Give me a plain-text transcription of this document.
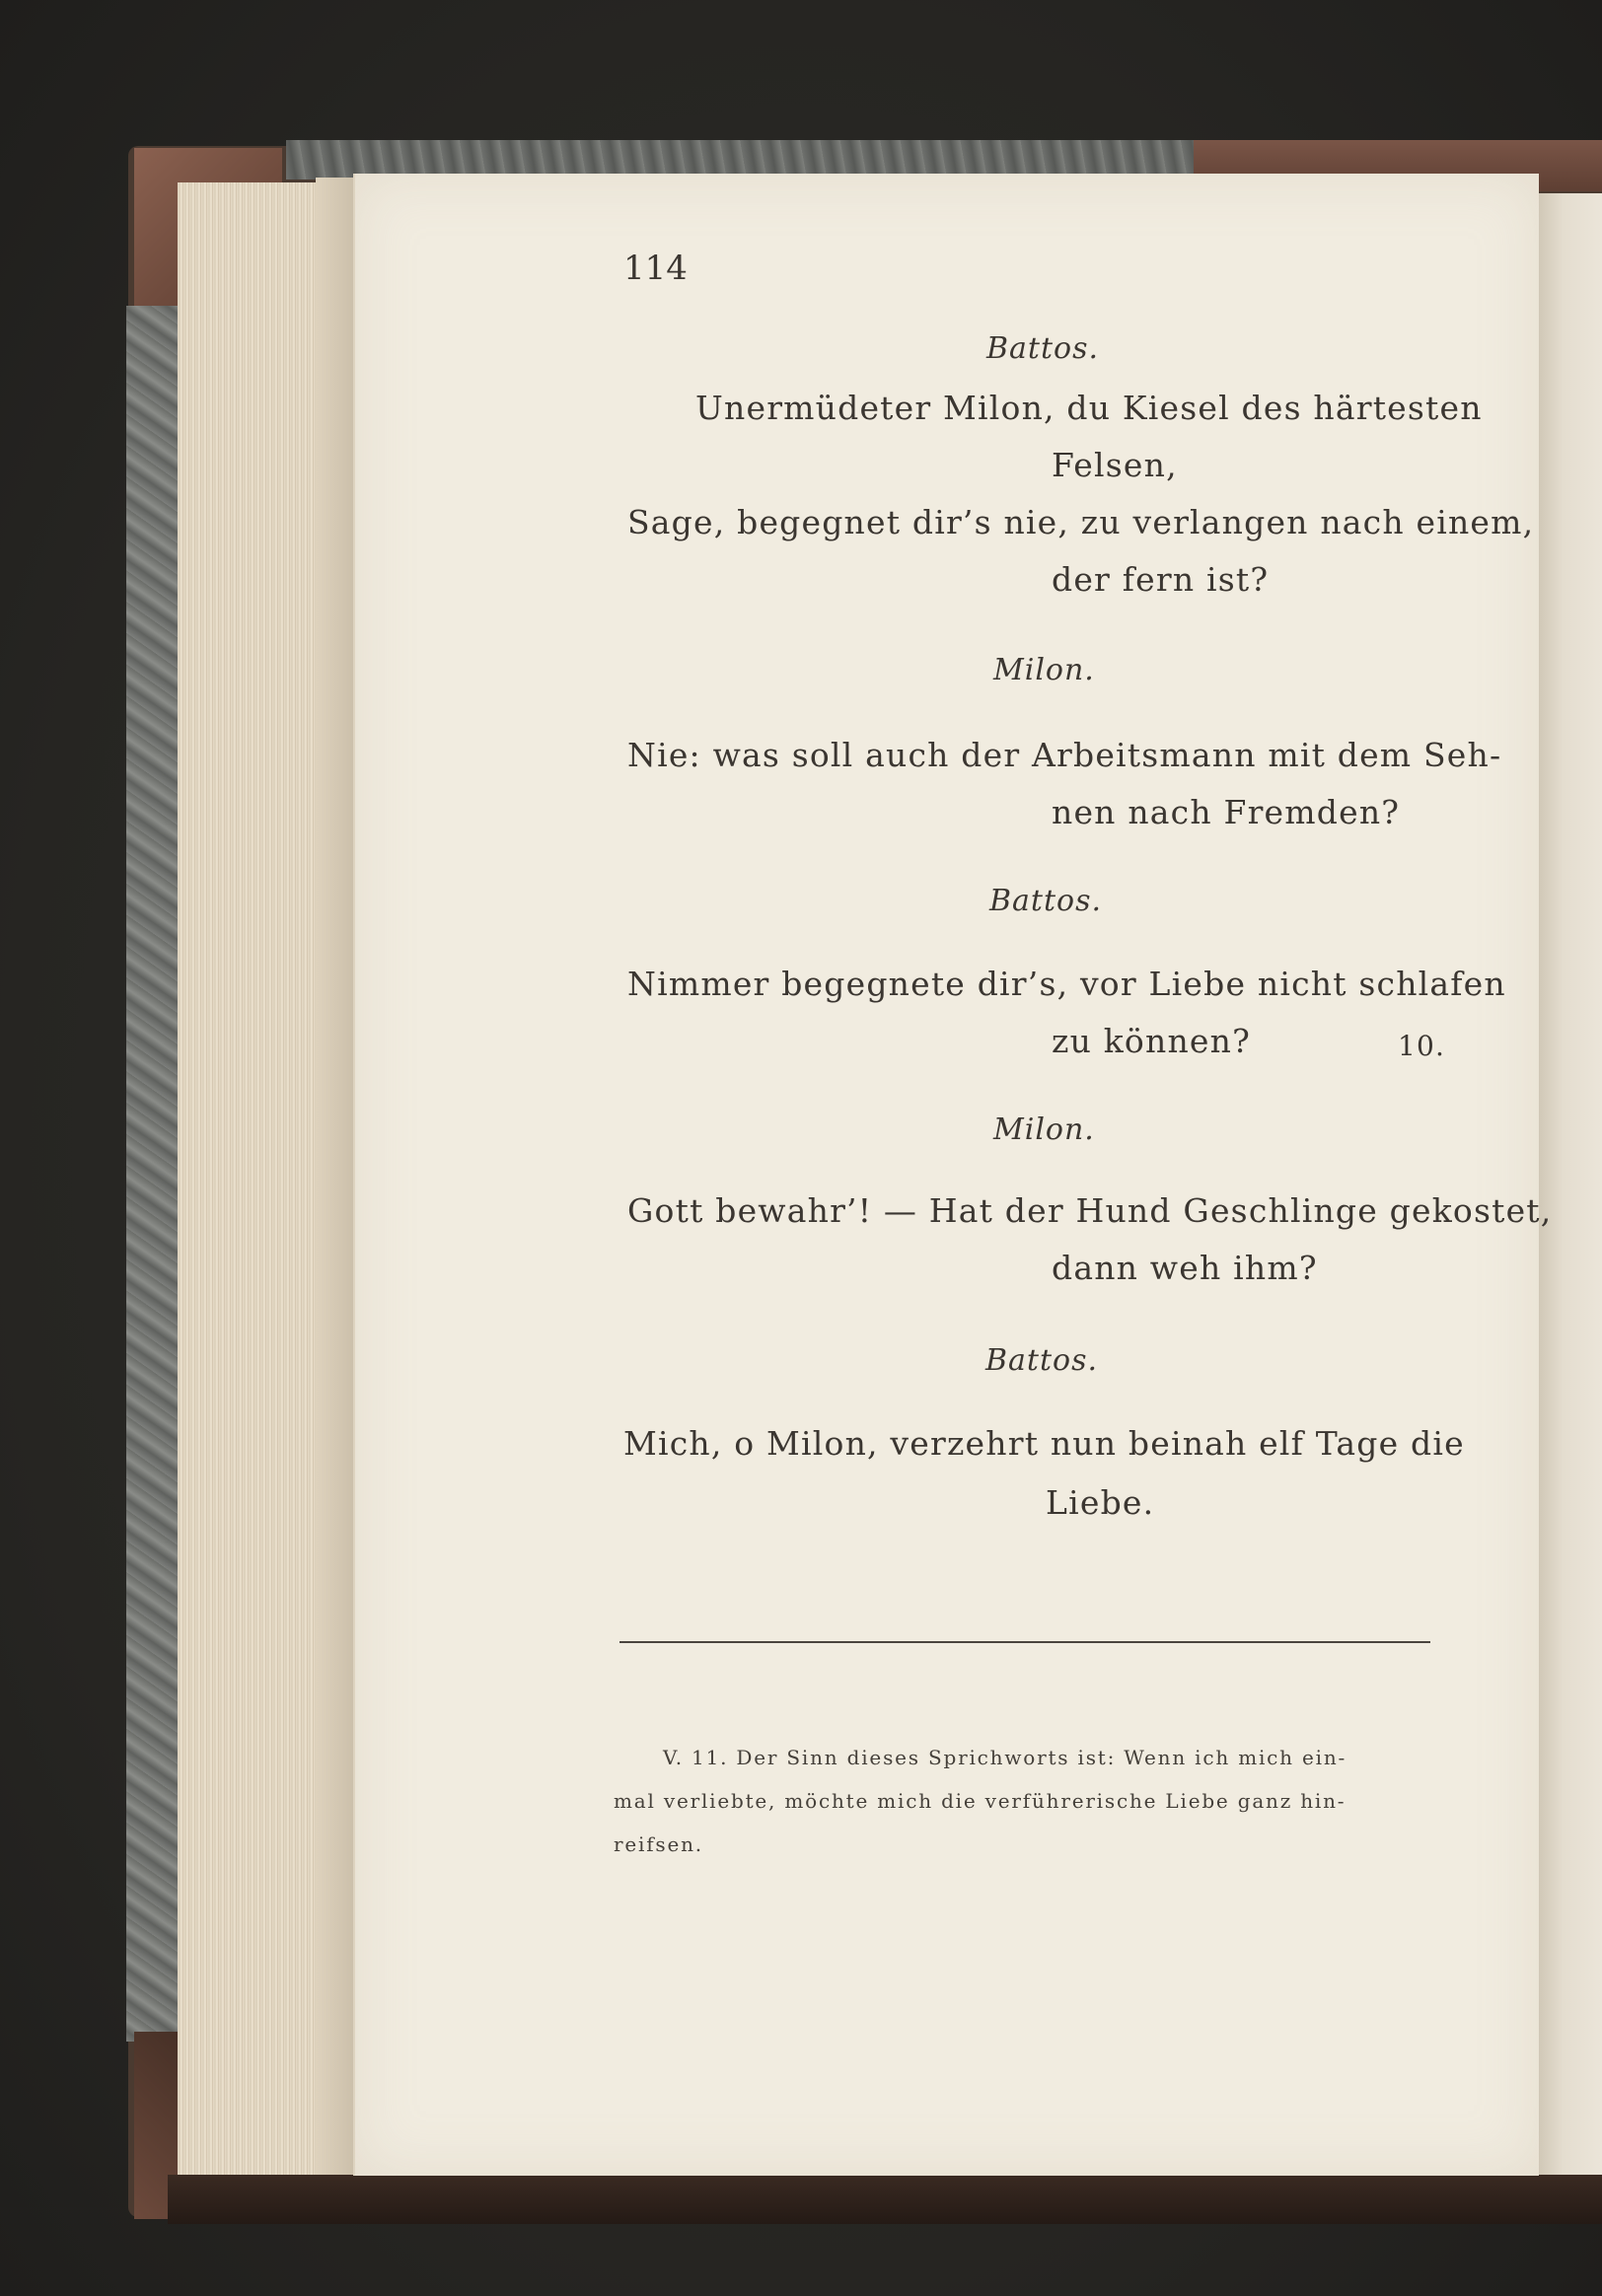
114
Battos.
Unermüdeter Milon, du Kiesel des härtesten
Felsen,
Sage, begegnet dir’s nie, zu verlangen nach einem,
der fern ist?
Milon.
Nie: was soll auch der Arbeitsmann mit dem Seh-
nen nach Fremden?
Battos.
Nimmer begegnete dir’s, vor Liebe nicht schlafen
zu können?	10.
Milon.
Gott bewahr’! — Hat der Hund Geschlinge gekostet,
dann weh ihm?
Battos.
Mich, o Milon, verzehrt nun beinah elf Tage die
Liebe.
V. 11. Der Sinn dieses Sprichworts ist: Wenn ich mich ein-
mal verliebte, möchte mich die verführerische Liebe ganz hin-
reifsen.
